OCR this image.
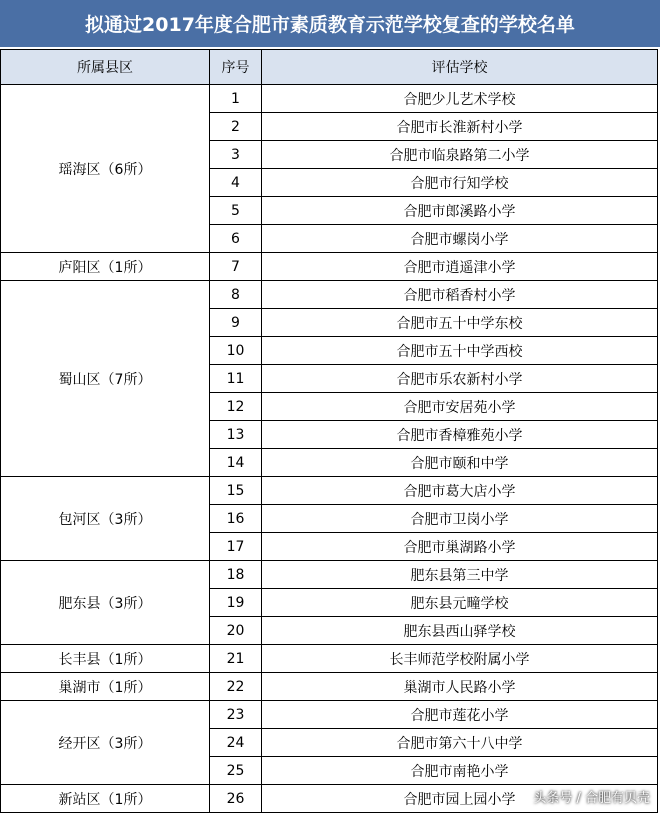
拟通过2017年度合肥市素质教育示范学校复查的学校名单
所属县区	序号	评估学校
瑶海区（6所）	1	合肥少儿艺术学校
	2	合肥市长淮新村小学
	3	合肥市临泉路第二小学
	4	合肥市行知学校
	5	合肥市郎溪路小学
	6	合肥市螺岗小学
庐阳区（1所）	7	合肥市逍遥津小学
蜀山区（7所）	8	合肥市稻香村小学
	9	合肥市五十中学东校
	10	合肥市五十中学西校
	11	合肥市乐农新村小学
	12	合肥市安居苑小学
	13	合肥市香樟雅苑小学
	14	合肥市颐和中学
包河区（3所）	15	合肥市葛大店小学
	16	合肥市卫岗小学
	17	合肥市巢湖路小学
肥东县（3所）	18	肥东县第三中学
	19	肥东县元疃学校
	20	肥东县西山驿学校
长丰县（1所）	21	长丰师范学校附属小学
巢湖市（1所）	22	巢湖市人民路小学
经开区（3所）	23	合肥市莲花小学
	24	合肥市第六十八中学
	25	合肥市南艳小学
新站区（1所）	26	合肥市园上园小学 头条号 / 合肥有贝壳
